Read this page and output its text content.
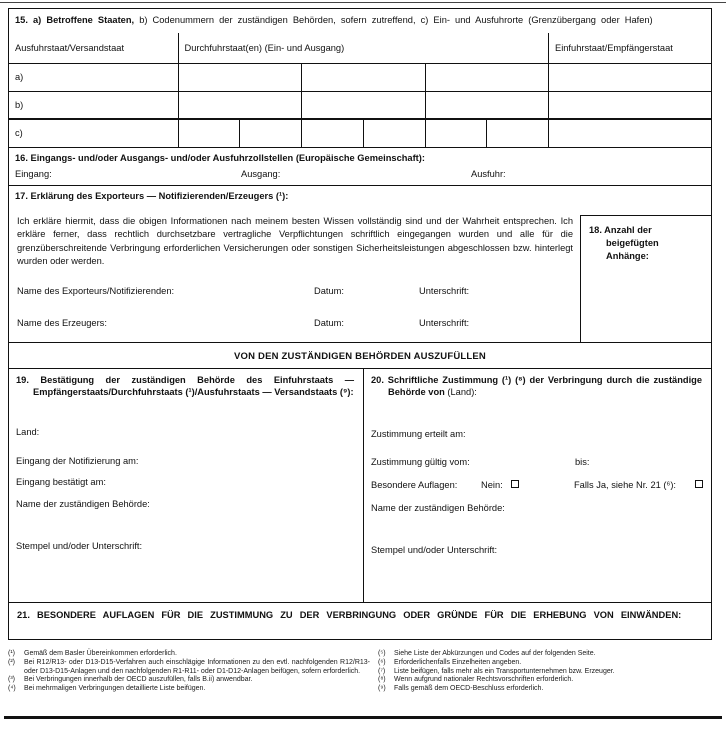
15. a) Betroffene Staaten, b) Codenummern der zuständigen Behörden, sofern zutreffend, c) Ein- und Ausfuhrorte (Grenzübergang oder Hafen)
Ausfuhrstaat/Versandstaat	Durchfuhrstaat(en) (Ein- und Ausgang)						Einfuhrstaat/Empfängerstaat
a)							
b)							
c)							
16. Eingangs- und/oder Ausgangs- und/oder Ausfuhrzollstellen (Europäische Gemeinschaft):
Eingang:	Ausgang:	Ausfuhr:
17. Erklärung des Exporteurs — Notifizierenden/Erzeugers (¹):
Ich erkläre hiermit, dass die obigen Informationen nach meinem besten Wissen vollständig sind und der Wahrheit entsprechen. Ich erkläre ferner, dass rechtlich durchsetzbare vertragliche Verpflichtungen schriftlich eingegangen wurden und alle für die grenzüberschreitende Verbringung erforderlichen Versicherungen oder sonstigen Sicherheitsleistungen abgeschlossen bzw. hinterlegt wurden oder werden.
Name des Exporteurs/Notifizierenden:	Datum:	Unterschrift:
Name des Erzeugers:	Datum:	Unterschrift:
18. Anzahl der beigefügten Anhänge:
VON DEN ZUSTÄNDIGEN BEHÖRDEN AUSZUFÜLLEN
19. Bestätigung der zuständigen Behörde des Einfuhrstaats — Empfängerstaats/Durchfuhrstaats (¹)/Ausfuhrstaats — Versandstaats (⁹):
Land:
Eingang der Notifizierung am:
Eingang bestätigt am:
Name der zuständigen Behörde:
Stempel und/oder Unterschrift:
20. Schriftliche Zustimmung (¹) (⁸) der Verbringung durch die zuständige Behörde von (Land):
Zustimmung erteilt am:
Zustimmung gültig vom:	bis:
Besondere Auflagen:	Nein:	Falls Ja, siehe Nr. 21 (⁶):
Name der zuständigen Behörde:
Stempel und/oder Unterschrift:
21. BESONDERE AUFLAGEN FÜR DIE ZUSTIMMUNG ZU DER VERBRINGUNG ODER GRÜNDE FÜR DIE ERHEBUNG VON EINWÄNDEN:
(¹)	Gemäß dem Basler Übereinkommen erforderlich.
(²)	Bei R12/R13- oder D13-D15-Verfahren auch einschlägige Informationen zu den evtl. nachfolgenden R12/R13- oder D13-D15-Anlagen und den nachfolgenden R1-R11- oder D1-D12-Anlagen beifügen, sofern erforderlich.
(³)	Bei Verbringungen innerhalb der OECD auszufüllen, falls B.ii) anwendbar.
(⁴)	Bei mehrmaligen Verbringungen detaillierte Liste beifügen.
(⁵)	Siehe Liste der Abkürzungen und Codes auf der folgenden Seite.
(⁶)	Erforderlichenfalls Einzelheiten angeben.
(⁷)	Liste beifügen, falls mehr als ein Transportunternehmen bzw. Erzeuger.
(⁸)	Wenn aufgrund nationaler Rechtsvorschriften erforderlich.
(⁹)	Falls gemäß dem OECD-Beschluss erforderlich.
